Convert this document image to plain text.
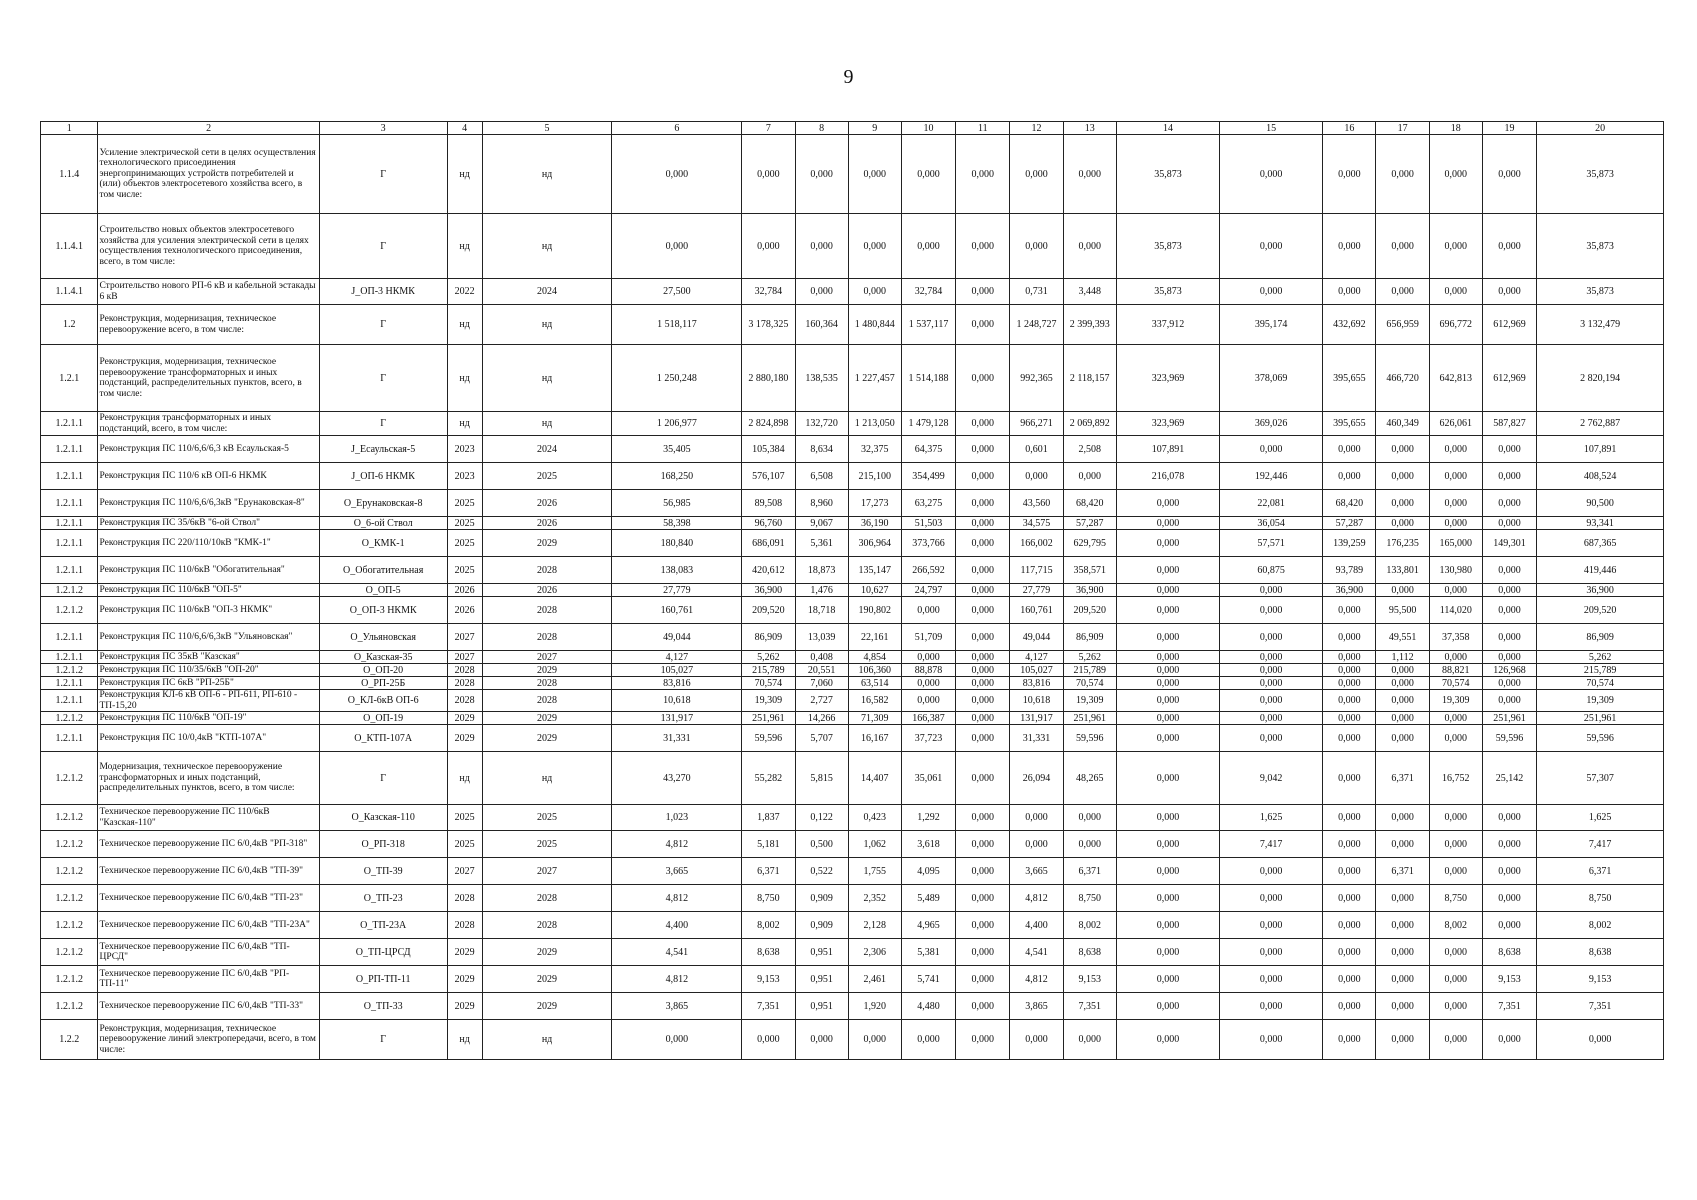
9
1	2	3	4	5	6	7	8	9	10	11	12	13	14	15	16	17	18	19	20
1.1.4	Усиление электрической сети в целях осуществления технологического присоединения энергопринимающих устройств потребителей и (или) объектов электросетевого хозяйства всего, в том числе:	Г	нд	нд	0,000	0,000	0,000	0,000	0,000	0,000	0,000	0,000	35,873	0,000	0,000	0,000	0,000	0,000	35,873
1.1.4.1	Строительство новых объектов электросетевого хозяйства для усиления электрической сети в целях осуществления технологического присоединения, всего, в том числе:	Г	нд	нд	0,000	0,000	0,000	0,000	0,000	0,000	0,000	0,000	35,873	0,000	0,000	0,000	0,000	0,000	35,873
1.1.4.1	Строительство нового РП-6 кВ и кабельной эстакады 6 кВ	J_ОП-3 НКМК	2022	2024	27,500	32,784	0,000	0,000	32,784	0,000	0,731	3,448	35,873	0,000	0,000	0,000	0,000	0,000	35,873
1.2	Реконструкция, модернизация, техническое перевооружение всего, в том числе:	Г	нд	нд	1 518,117	3 178,325	160,364	1 480,844	1 537,117	0,000	1 248,727	2 399,393	337,912	395,174	432,692	656,959	696,772	612,969	3 132,479
1.2.1	Реконструкция, модернизация, техническое перевооружение трансформаторных и иных подстанций, распределительных пунктов, всего, в том числе:	Г	нд	нд	1 250,248	2 880,180	138,535	1 227,457	1 514,188	0,000	992,365	2 118,157	323,969	378,069	395,655	466,720	642,813	612,969	2 820,194
1.2.1.1	Реконструкция трансформаторных и иных подстанций, всего, в том числе:	Г	нд	нд	1 206,977	2 824,898	132,720	1 213,050	1 479,128	0,000	966,271	2 069,892	323,969	369,026	395,655	460,349	626,061	587,827	2 762,887
1.2.1.1	Реконструкция ПС 110/6,6/6,3 кВ Есаульская-5	J_Есаульская-5	2023	2024	35,405	105,384	8,634	32,375	64,375	0,000	0,601	2,508	107,891	0,000	0,000	0,000	0,000	0,000	107,891
1.2.1.1	Реконструкция ПС 110/6 кВ ОП-6 НКМК	J_ОП-6 НКМК	2023	2025	168,250	576,107	6,508	215,100	354,499	0,000	0,000	0,000	216,078	192,446	0,000	0,000	0,000	0,000	408,524
1.2.1.1	Реконструкция ПС 110/6,6/6,3кВ "Ерунаковская-8"	О_Ерунаковская-8	2025	2026	56,985	89,508	8,960	17,273	63,275	0,000	43,560	68,420	0,000	22,081	68,420	0,000	0,000	0,000	90,500
1.2.1.1	Реконструкция ПС 35/6кВ "6-ой Ствол"	О_6-ой Ствол	2025	2026	58,398	96,760	9,067	36,190	51,503	0,000	34,575	57,287	0,000	36,054	57,287	0,000	0,000	0,000	93,341
1.2.1.1	Реконструкция ПС 220/110/10кВ "КМК-1"	О_КМК-1	2025	2029	180,840	686,091	5,361	306,964	373,766	0,000	166,002	629,795	0,000	57,571	139,259	176,235	165,000	149,301	687,365
1.2.1.1	Реконструкция ПС 110/6кВ "Обогатительная"	О_Обогатительная	2025	2028	138,083	420,612	18,873	135,147	266,592	0,000	117,715	358,571	0,000	60,875	93,789	133,801	130,980	0,000	419,446
1.2.1.2	Реконструкция ПС 110/6кВ "ОП-5"	О_ОП-5	2026	2026	27,779	36,900	1,476	10,627	24,797	0,000	27,779	36,900	0,000	0,000	36,900	0,000	0,000	0,000	36,900
1.2.1.2	Реконструкция ПС 110/6кВ "ОП-3 НКМК"	О_ОП-3 НКМК	2026	2028	160,761	209,520	18,718	190,802	0,000	0,000	160,761	209,520	0,000	0,000	0,000	95,500	114,020	0,000	209,520
1.2.1.1	Реконструкция ПС 110/6,6/6,3кВ "Ульяновская"	О_Ульяновская	2027	2028	49,044	86,909	13,039	22,161	51,709	0,000	49,044	86,909	0,000	0,000	0,000	49,551	37,358	0,000	86,909
1.2.1.1	Реконструкция ПС 35кВ "Казская"	О_Казская-35	2027	2027	4,127	5,262	0,408	4,854	0,000	0,000	4,127	5,262	0,000	0,000	0,000	1,112	0,000	0,000	5,262
1.2.1.2	Реконструкция ПС 110/35/6кВ "ОП-20"	О_ОП-20	2028	2029	105,027	215,789	20,551	106,360	88,878	0,000	105,027	215,789	0,000	0,000	0,000	0,000	88,821	126,968	215,789
1.2.1.1	Реконструкция ПС 6кВ "РП-25Б"	О_РП-25Б	2028	2028	83,816	70,574	7,060	63,514	0,000	0,000	83,816	70,574	0,000	0,000	0,000	0,000	70,574	0,000	70,574
1.2.1.1	Реконструкция КЛ-6 кВ ОП-6 - РП-611, РП-610 - ТП-15,20	О_КЛ-6кВ ОП-6	2028	2028	10,618	19,309	2,727	16,582	0,000	0,000	10,618	19,309	0,000	0,000	0,000	0,000	19,309	0,000	19,309
1.2.1.2	Реконструкция ПС 110/6кВ "ОП-19"	О_ОП-19	2029	2029	131,917	251,961	14,266	71,309	166,387	0,000	131,917	251,961	0,000	0,000	0,000	0,000	0,000	251,961	251,961
1.2.1.1	Реконструкция ПС 10/0,4кВ "КТП-107А"	О_КТП-107А	2029	2029	31,331	59,596	5,707	16,167	37,723	0,000	31,331	59,596	0,000	0,000	0,000	0,000	0,000	59,596	59,596
1.2.1.2	Модернизация, техническое перевооружение трансформаторных и иных подстанций, распределительных пунктов, всего, в том числе:	Г	нд	нд	43,270	55,282	5,815	14,407	35,061	0,000	26,094	48,265	0,000	9,042	0,000	6,371	16,752	25,142	57,307
1.2.1.2	Техническое перевооружение ПС 110/6кВ "Казская-110"	О_Казская-110	2025	2025	1,023	1,837	0,122	0,423	1,292	0,000	0,000	0,000	0,000	1,625	0,000	0,000	0,000	0,000	1,625
1.2.1.2	Техническое перевооружение ПС 6/0,4кВ "РП-318"	О_РП-318	2025	2025	4,812	5,181	0,500	1,062	3,618	0,000	0,000	0,000	0,000	7,417	0,000	0,000	0,000	0,000	7,417
1.2.1.2	Техническое перевооружение ПС 6/0,4кВ "ТП-39"	О_ТП-39	2027	2027	3,665	6,371	0,522	1,755	4,095	0,000	3,665	6,371	0,000	0,000	0,000	6,371	0,000	0,000	6,371
1.2.1.2	Техническое перевооружение ПС 6/0,4кВ "ТП-23"	О_ТП-23	2028	2028	4,812	8,750	0,909	2,352	5,489	0,000	4,812	8,750	0,000	0,000	0,000	0,000	8,750	0,000	8,750
1.2.1.2	Техническое перевооружение ПС 6/0,4кВ "ТП-23А"	О_ТП-23А	2028	2028	4,400	8,002	0,909	2,128	4,965	0,000	4,400	8,002	0,000	0,000	0,000	0,000	8,002	0,000	8,002
1.2.1.2	Техническое перевооружение ПС 6/0,4кВ "ТП-ЦРСД"	О_ТП-ЦРСД	2029	2029	4,541	8,638	0,951	2,306	5,381	0,000	4,541	8,638	0,000	0,000	0,000	0,000	0,000	8,638	8,638
1.2.1.2	Техническое перевооружение ПС 6/0,4кВ "РП-ТП-11"	О_РП-ТП-11	2029	2029	4,812	9,153	0,951	2,461	5,741	0,000	4,812	9,153	0,000	0,000	0,000	0,000	0,000	9,153	9,153
1.2.1.2	Техническое перевооружение ПС 6/0,4кВ "ТП-33"	О_ТП-33	2029	2029	3,865	7,351	0,951	1,920	4,480	0,000	3,865	7,351	0,000	0,000	0,000	0,000	0,000	7,351	7,351
1.2.2	Реконструкция, модернизация, техническое перевооружение линий электропередачи, всего, в том числе:	Г	нд	нд	0,000	0,000	0,000	0,000	0,000	0,000	0,000	0,000	0,000	0,000	0,000	0,000	0,000	0,000	0,000
